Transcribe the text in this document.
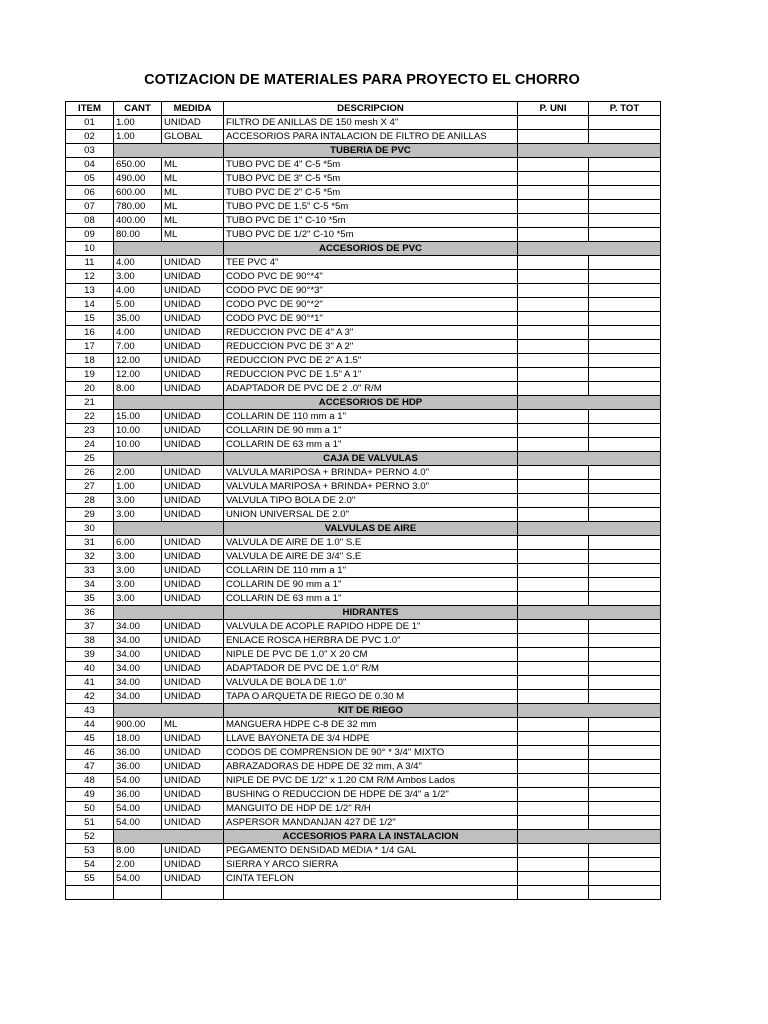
COTIZACION DE MATERIALES PARA PROYECTO EL CHORRO
ITEM	CANT	MEDIDA	DESCRIPCION	P. UNI	P. TOT
01	1.00	UNIDAD	FILTRO DE ANILLAS DE 150 mesh X 4"		
02	1.00	GLOBAL	ACCESORIOS PARA INTALACION DE FILTRO DE ANILLAS		
03			TUBERIA DE PVC		
04	650.00	ML	TUBO PVC DE 4" C-5 *5m		
05	490.00	ML	TUBO PVC DE 3" C-5 *5m		
06	600.00	ML	TUBO PVC DE 2" C-5 *5m		
07	780.00	ML	TUBO PVC DE 1.5" C-5 *5m		
08	400.00	ML	TUBO PVC DE 1" C-10 *5m		
09	80.00	ML	TUBO PVC DE 1/2" C-10 *5m		
10			ACCESORIOS DE PVC		
11	4.00	UNIDAD	TEE PVC 4"		
12	3.00	UNIDAD	CODO PVC DE 90°*4"		
13	4.00	UNIDAD	CODO PVC DE 90°*3"		
14	5.00	UNIDAD	CODO PVC DE 90°*2"		
15	35.00	UNIDAD	CODO PVC DE 90°*1"		
16	4.00	UNIDAD	REDUCCION PVC DE 4" A 3"		
17	7.00	UNIDAD	REDUCCION PVC DE 3" A 2"		
18	12.00	UNIDAD	REDUCCION PVC DE 2" A 1.5"		
19	12.00	UNIDAD	REDUCCION PVC DE 1.5" A 1"		
20	8.00	UNIDAD	ADAPTADOR DE PVC DE 2 .0" R/M		
21			ACCESORIOS DE HDP		
22	15.00	UNIDAD	COLLARIN DE 110 mm a 1"		
23	10.00	UNIDAD	COLLARIN DE 90 mm a 1"		
24	10.00	UNIDAD	COLLARIN DE 63 mm a 1"		
25			CAJA DE VALVULAS		
26	2.00	UNIDAD	VALVULA MARIPOSA + BRINDA+ PERNO 4.0"		
27	1.00	UNIDAD	VALVULA MARIPOSA + BRINDA+ PERNO 3.0"		
28	3.00	UNIDAD	VALVULA TIPO BOLA DE 2.0"		
29	3.00	UNIDAD	UNION UNIVERSAL DE 2.0"		
30			VALVULAS DE AIRE		
31	6.00	UNIDAD	VALVULA DE AIRE DE 1.0" S.E		
32	3.00	UNIDAD	VALVULA DE AIRE DE 3/4" S.E		
33	3.00	UNIDAD	COLLARIN DE 110 mm a 1"		
34	3.00	UNIDAD	COLLARIN DE 90 mm a 1"		
35	3.00	UNIDAD	COLLARIN DE 63 mm a 1"		
36			HIDRANTES		
37	34.00	UNIDAD	VALVULA DE ACOPLE RAPIDO HDPE DE 1"		
38	34.00	UNIDAD	ENLACE ROSCA HERBRA DE PVC 1.0"		
39	34.00	UNIDAD	NIPLE DE PVC DE 1.0" X 20 CM		
40	34.00	UNIDAD	ADAPTADOR DE PVC DE 1.0" R/M		
41	34.00	UNIDAD	VALVULA DE BOLA DE 1.0"		
42	34.00	UNIDAD	TAPA O ARQUETA DE RIEGO DE 0.30 M		
43			KIT DE RIEGO		
44	900.00	ML	MANGUERA HDPE C-8 DE 32 mm		
45	18.00	UNIDAD	LLAVE BAYONETA DE 3/4 HDPE		
46	36.00	UNIDAD	CODOS DE COMPRENSION DE 90° * 3/4" MIXTO		
47	36.00	UNIDAD	ABRAZADORAS DE HDPE DE 32 mm, A 3/4"		
48	54.00	UNIDAD	NIPLE DE PVC DE 1/2" x 1.20 CM R/M Ambos Lados		
49	36.00	UNIDAD	BUSHING O REDUCCION DE HDPE DE 3/4" a 1/2"		
50	54.00	UNIDAD	MANGUITO DE HDP DE 1/2" R/H		
51	54.00	UNIDAD	ASPERSOR MANDANJAN 427 DE 1/2"		
52			ACCESORIOS PARA LA INSTALACION		
53	8.00	UNIDAD	PEGAMENTO DENSIDAD MEDIA * 1/4 GAL		
54	2.00	UNIDAD	SIERRA Y ARCO SIERRA		
55	54.00	UNIDAD	CINTA TEFLON		
